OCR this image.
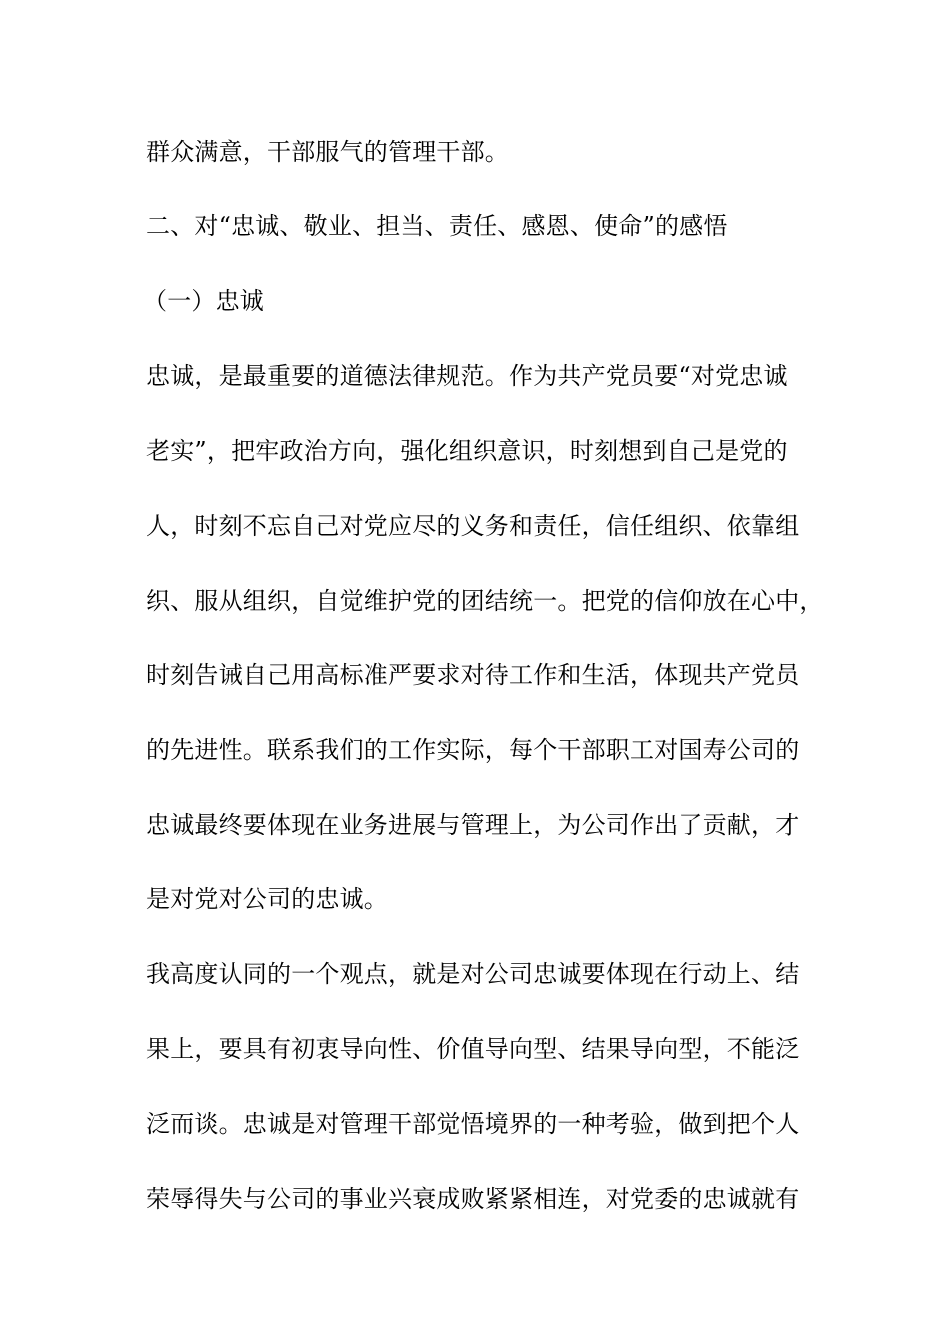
群众满意，干部服气的管理干部。
二、对“忠诚、敬业、担当、责任、感恩、使命”的感悟
（一）忠诚
忠诚，是最重要的道德法律规范。作为共产党员要“对党忠诚
老实”，把牢政治方向，强化组织意识，时刻想到自己是党的
人，时刻不忘自己对党应尽的义务和责任，信任组织、依靠组
织、服从组织，自觉维护党的团结统一。把党的信仰放在心中，
时刻告诫自己用高标准严要求对待工作和生活，体现共产党员
的先进性。联系我们的工作实际，每个干部职工对国寿公司的
忠诚最终要体现在业务进展与管理上，为公司作出了贡献，才
是对党对公司的忠诚。
我高度认同的一个观点，就是对公司忠诚要体现在行动上、结
果上，要具有初衷导向性、价值导向型、结果导向型，不能泛
泛而谈。忠诚是对管理干部觉悟境界的一种考验，做到把个人
荣辱得失与公司的事业兴衰成败紧紧相连，对党委的忠诚就有
